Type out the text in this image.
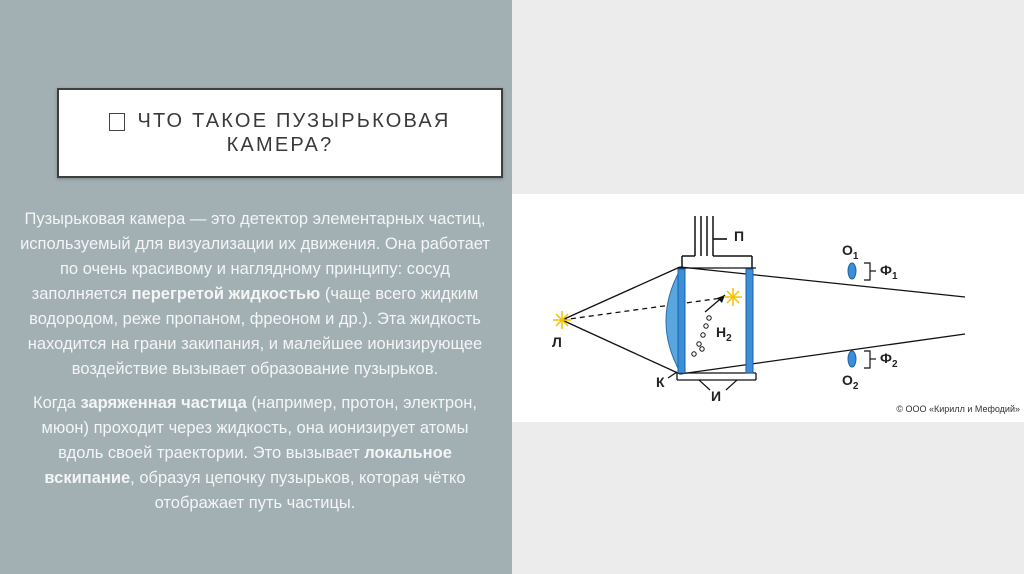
ЧТО ТАКОЕ ПУЗЫРЬКОВАЯ КАМЕРА?

Пузырьковая камера — это детектор элементарных частиц, используемый для визуализации их движения. Она работает по очень красивому и наглядному принципу: сосуд заполняется перегретой жидкостью (чаще всего жидким водородом, реже пропаном, фреоном и др.). Эта жидкость находится на грани закипания, и малейшее ионизирующее воздействие вызывает образование пузырьков.

Когда заряженная частица (например, протон, электрон, мюон) проходит через жидкость, она ионизирует атомы вдоль своей траектории. Это вызывает локальное вскипание, образуя цепочку пузырьков, которая чётко отображает путь частицы.

П
$О_1$
$Ф_1$
Л
$Н_2$
К
И
$Ф_2$
$О_2$
© ООО «Кирилл и Мефодий»
